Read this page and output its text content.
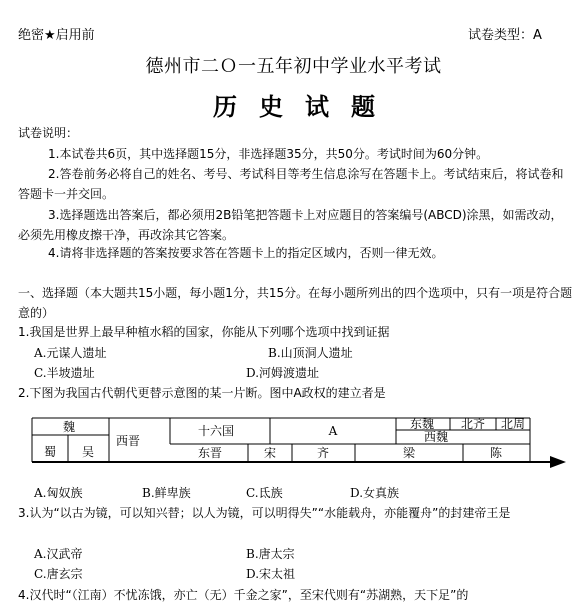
绝密★启用前	试卷类型：A
德州市二Ｏ一五年初中学业水平考试
历史试题
试卷说明：
1.本试卷共6页，其中选择题15分，非选择题35分，共50分。考试时间为60分钟。
2.答卷前务必将自己的姓名、考号、考试科目等考生信息涂写在答题卡上。考试结束后，将试卷和答题卡一并交回。
3.选择题选出答案后，都必须用2B铅笔把答题卡上对应题目的答案编号(ABCD)涂黑，如需改动，必须先用橡皮擦干净，再改涂其它答案。
4.请将非选择题的答案按要求答在答题卡上的指定区域内，否则一律无效。
一、选择题（本大题共15小题，每小题1分，共15分。在每小题所列出的四个选项中，只有一项是符合题意的）
1.我国是世界上最早种植水稻的国家，你能从下列哪个选项中找到证据
A.元谋人遗址	B.山顶洞人遗址
C.半坡遗址	D.河姆渡遗址
2.下图为我国古代朝代更替示意图的某一片断。图中A政权的建立者是
魏
蜀 吴
西晋
十六国	A	东魏 北齐
西魏
北周
东晋	宋	齐	梁	陈
A.匈奴族	B.鲜卑族	C.氐族	D.女真族
3.认为“以古为镜，可以知兴替；以人为镜，可以明得失”“水能载舟，亦能覆舟”的封建帝王是
A.汉武帝	B.唐太宗
C.唐玄宗	D.宋太祖
4.汉代时“（江南）不忧冻饿，亦亡（无）千金之家”，至宋代则有“苏湖熟，天下足”的
